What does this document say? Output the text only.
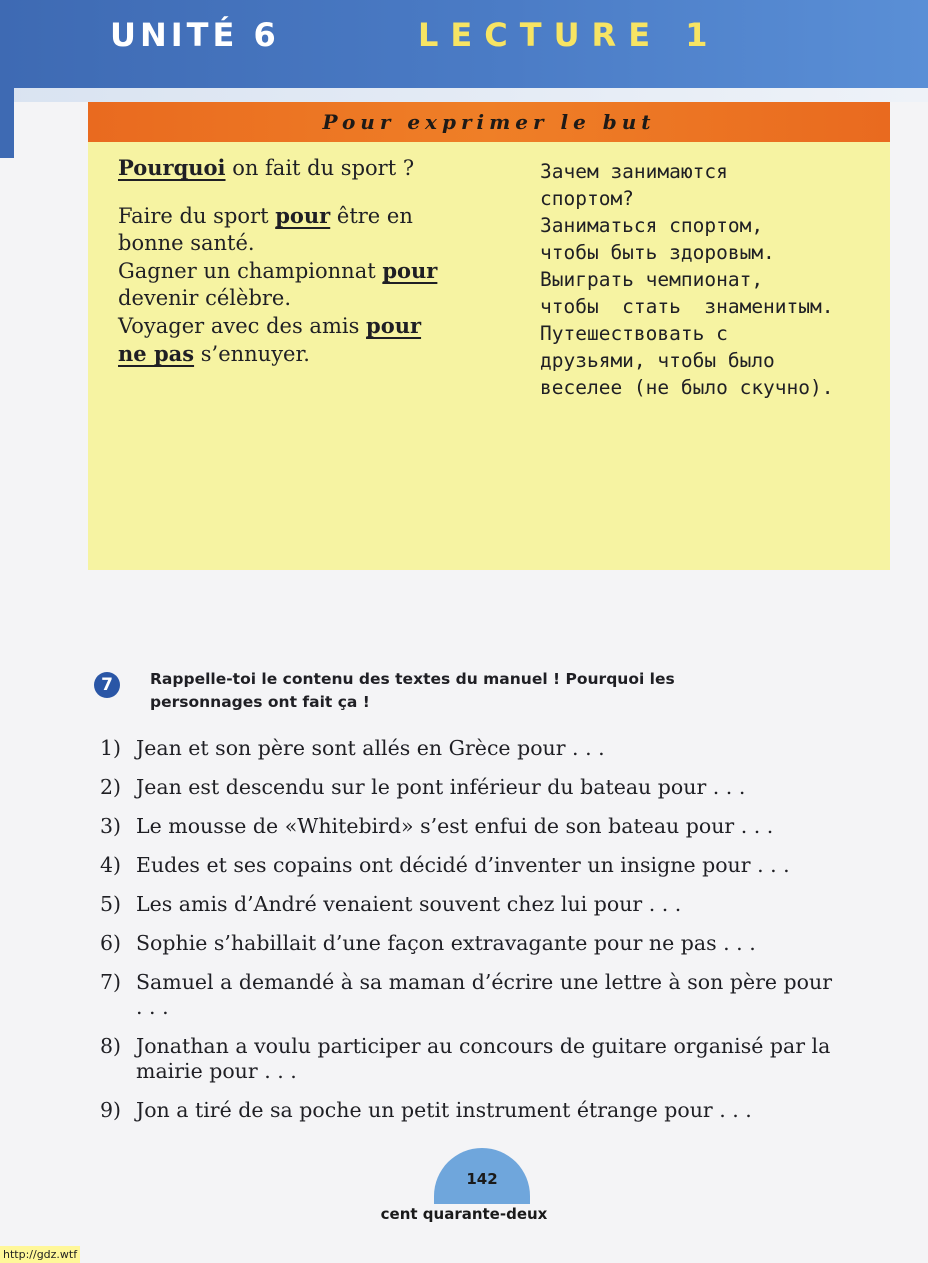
UNITÉ 6	LECTURE 1
Pour exprimer le but
Pourquoi on fait du sport ?
Faire du sport pour être en
bonne santé.
Gagner un championnat pour
devenir célèbre.
Voyager avec des amis pour
ne pas s’ennuyer.
Зачем занимаются
спортом?
Заниматься спортом,
чтобы быть здоровым.
Выиграть чемпионат,
чтобы  стать  знаменитым.
Путешествовать с
друзьями, чтобы было
веселее (не было скучно).
7	Rappelle-toi le contenu des textes du manuel ! Pourquoi les personnages ont fait ça !
1) Jean et son père sont allés en Grèce pour . . .
2) Jean est descendu sur le pont inférieur du bateau pour . . .
3) Le mousse de «Whitebird» s’est enfui de son bateau pour . . .
4) Eudes et ses copains ont décidé d’inventer un insigne pour . . .
5) Les amis d’André venaient souvent chez lui pour . . .
6) Sophie s’habillait d’une façon extravagante pour ne pas . . .
7) Samuel a demandé à sa maman d’écrire une lettre à son père pour . . .
8) Jonathan a voulu participer au concours de guitare organisé par la mairie pour . . .
9) Jon a tiré de sa poche un petit instrument étrange pour . . .
142
cent quarante-deux
http://gdz.wtf
